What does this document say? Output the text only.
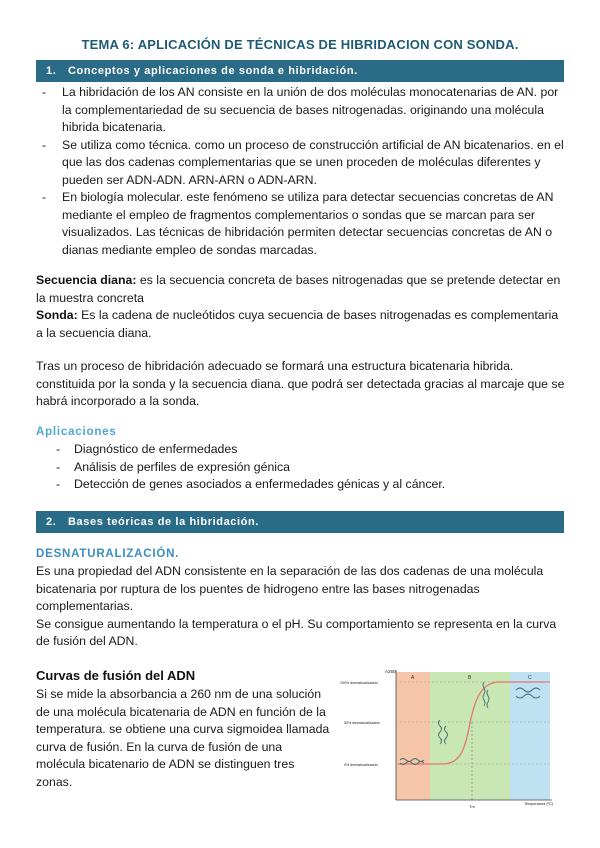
TEMA 6: APLICACIÓN DE TÉCNICAS DE HIBRIDACION CON SONDA.
1. Conceptos y aplicaciones de sonda e hibridación.
- La hibridación de los AN consiste en la unión de dos moléculas monocatenarias de AN. por la complementariedad de su secuencia de bases nitrogenadas. originando una molécula hibrida bicatenaria.
- Se utiliza como técnica. como un proceso de construcción artificial de AN bicatenarios. en el que las dos cadenas complementarias que se unen proceden de moléculas diferentes y pueden ser ADN-ADN. ARN-ARN o ADN-ARN.
- En biología molecular. este fenómeno se utiliza para detectar secuencias concretas de AN mediante el empleo de fragmentos complementarios o sondas que se marcan para ser visualizados. Las técnicas de hibridación permiten detectar secuencias concretas de AN o dianas mediante empleo de sondas marcadas.
Secuencia diana: es la secuencia concreta de bases nitrogenadas que se pretende detectar en la muestra concreta
Sonda: Es la cadena de nucleótidos cuya secuencia de bases nitrogenadas es complementaria a la secuencia diana.
Tras un proceso de hibridación adecuado se formará una estructura bicatenaria hibrida. constituida por la sonda y la secuencia diana. que podrá ser detectada gracias al marcaje que se habrá incorporado a la sonda.
Aplicaciones
- Diagnóstico de enfermedades
- Análisis de perfiles de expresión génica
- Detección de genes asociados a enfermedades génicas y al cáncer.
2. Bases teóricas de la hibridación.
DESNATURALIZACIÓN.
Es una propiedad del ADN consistente en la separación de las dos cadenas de una molécula bicatenaria por ruptura de los puentes de hidrogeno entre las bases nitrogenadas complementarias.
Se consigue aumentando la temperatura o el pH. Su comportamiento se representa en la curva de fusión del ADN.
Curvas de fusión del ADN
Si se mide la absorbancia a 260 nm de una solución de una molécula bicatenaria de ADN en función de la temperatura. se obtiene una curva sigmoidea llamada curva de fusión. En la curva de fusión de una molécula bicatenario de ADN se distinguen tres zonas.
A260
100% desnaturalización
50% desnaturalización
0% desnaturalización
A	B	C
Tm	Temperatura (ºC)
